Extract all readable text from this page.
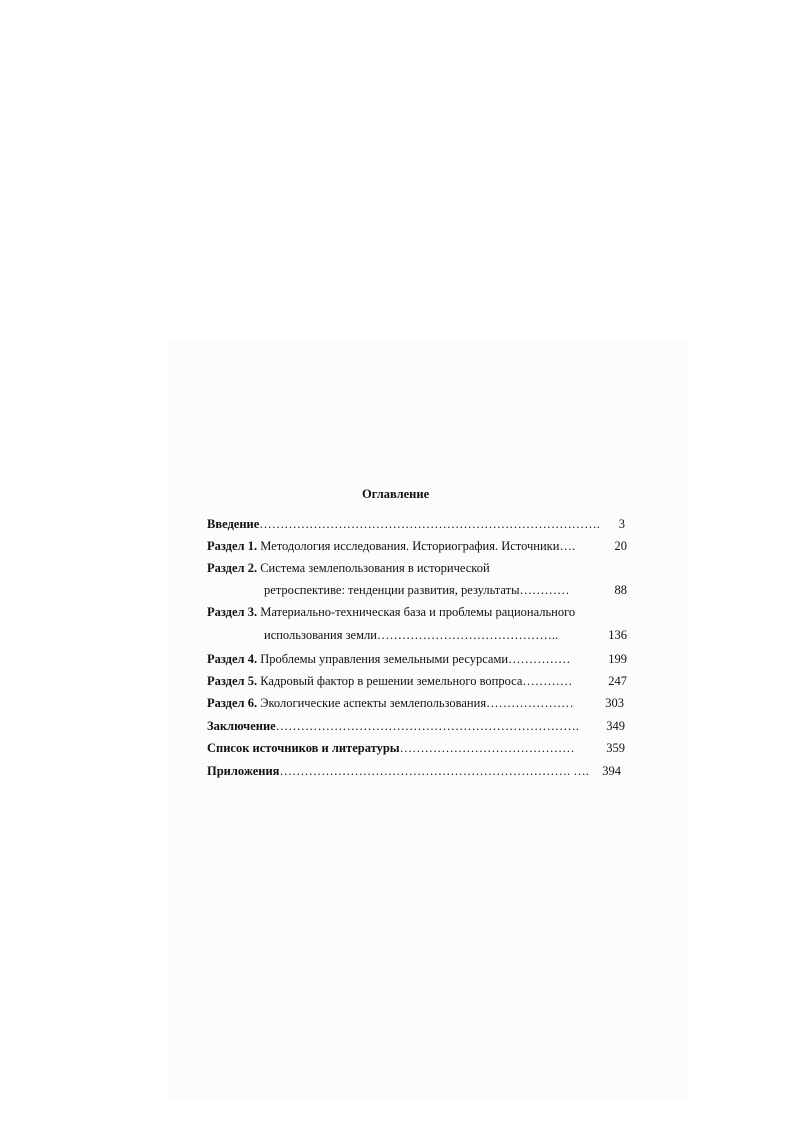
Оглавление
Введение………………………………………………………………………. 3
Раздел 1. Методология исследования. Историография. Источники….	20
Раздел 2. Система землепользования в исторической
ретроспективе: тенденции развития, результаты…………	88
Раздел 3. Материально-техническая база и проблемы рационального
использования земли……………………………………..	136
Раздел 4. Проблемы управления земельными ресурсами……………	199
Раздел 5. Кадровый фактор в решении земельного вопроса…………	247
Раздел 6. Экологические аспекты землепользования…………………	303
Заключение………………………………………………………………. 349
Список источников и литературы……………………………………	359
Приложения……………………………………………………………. …. 394
